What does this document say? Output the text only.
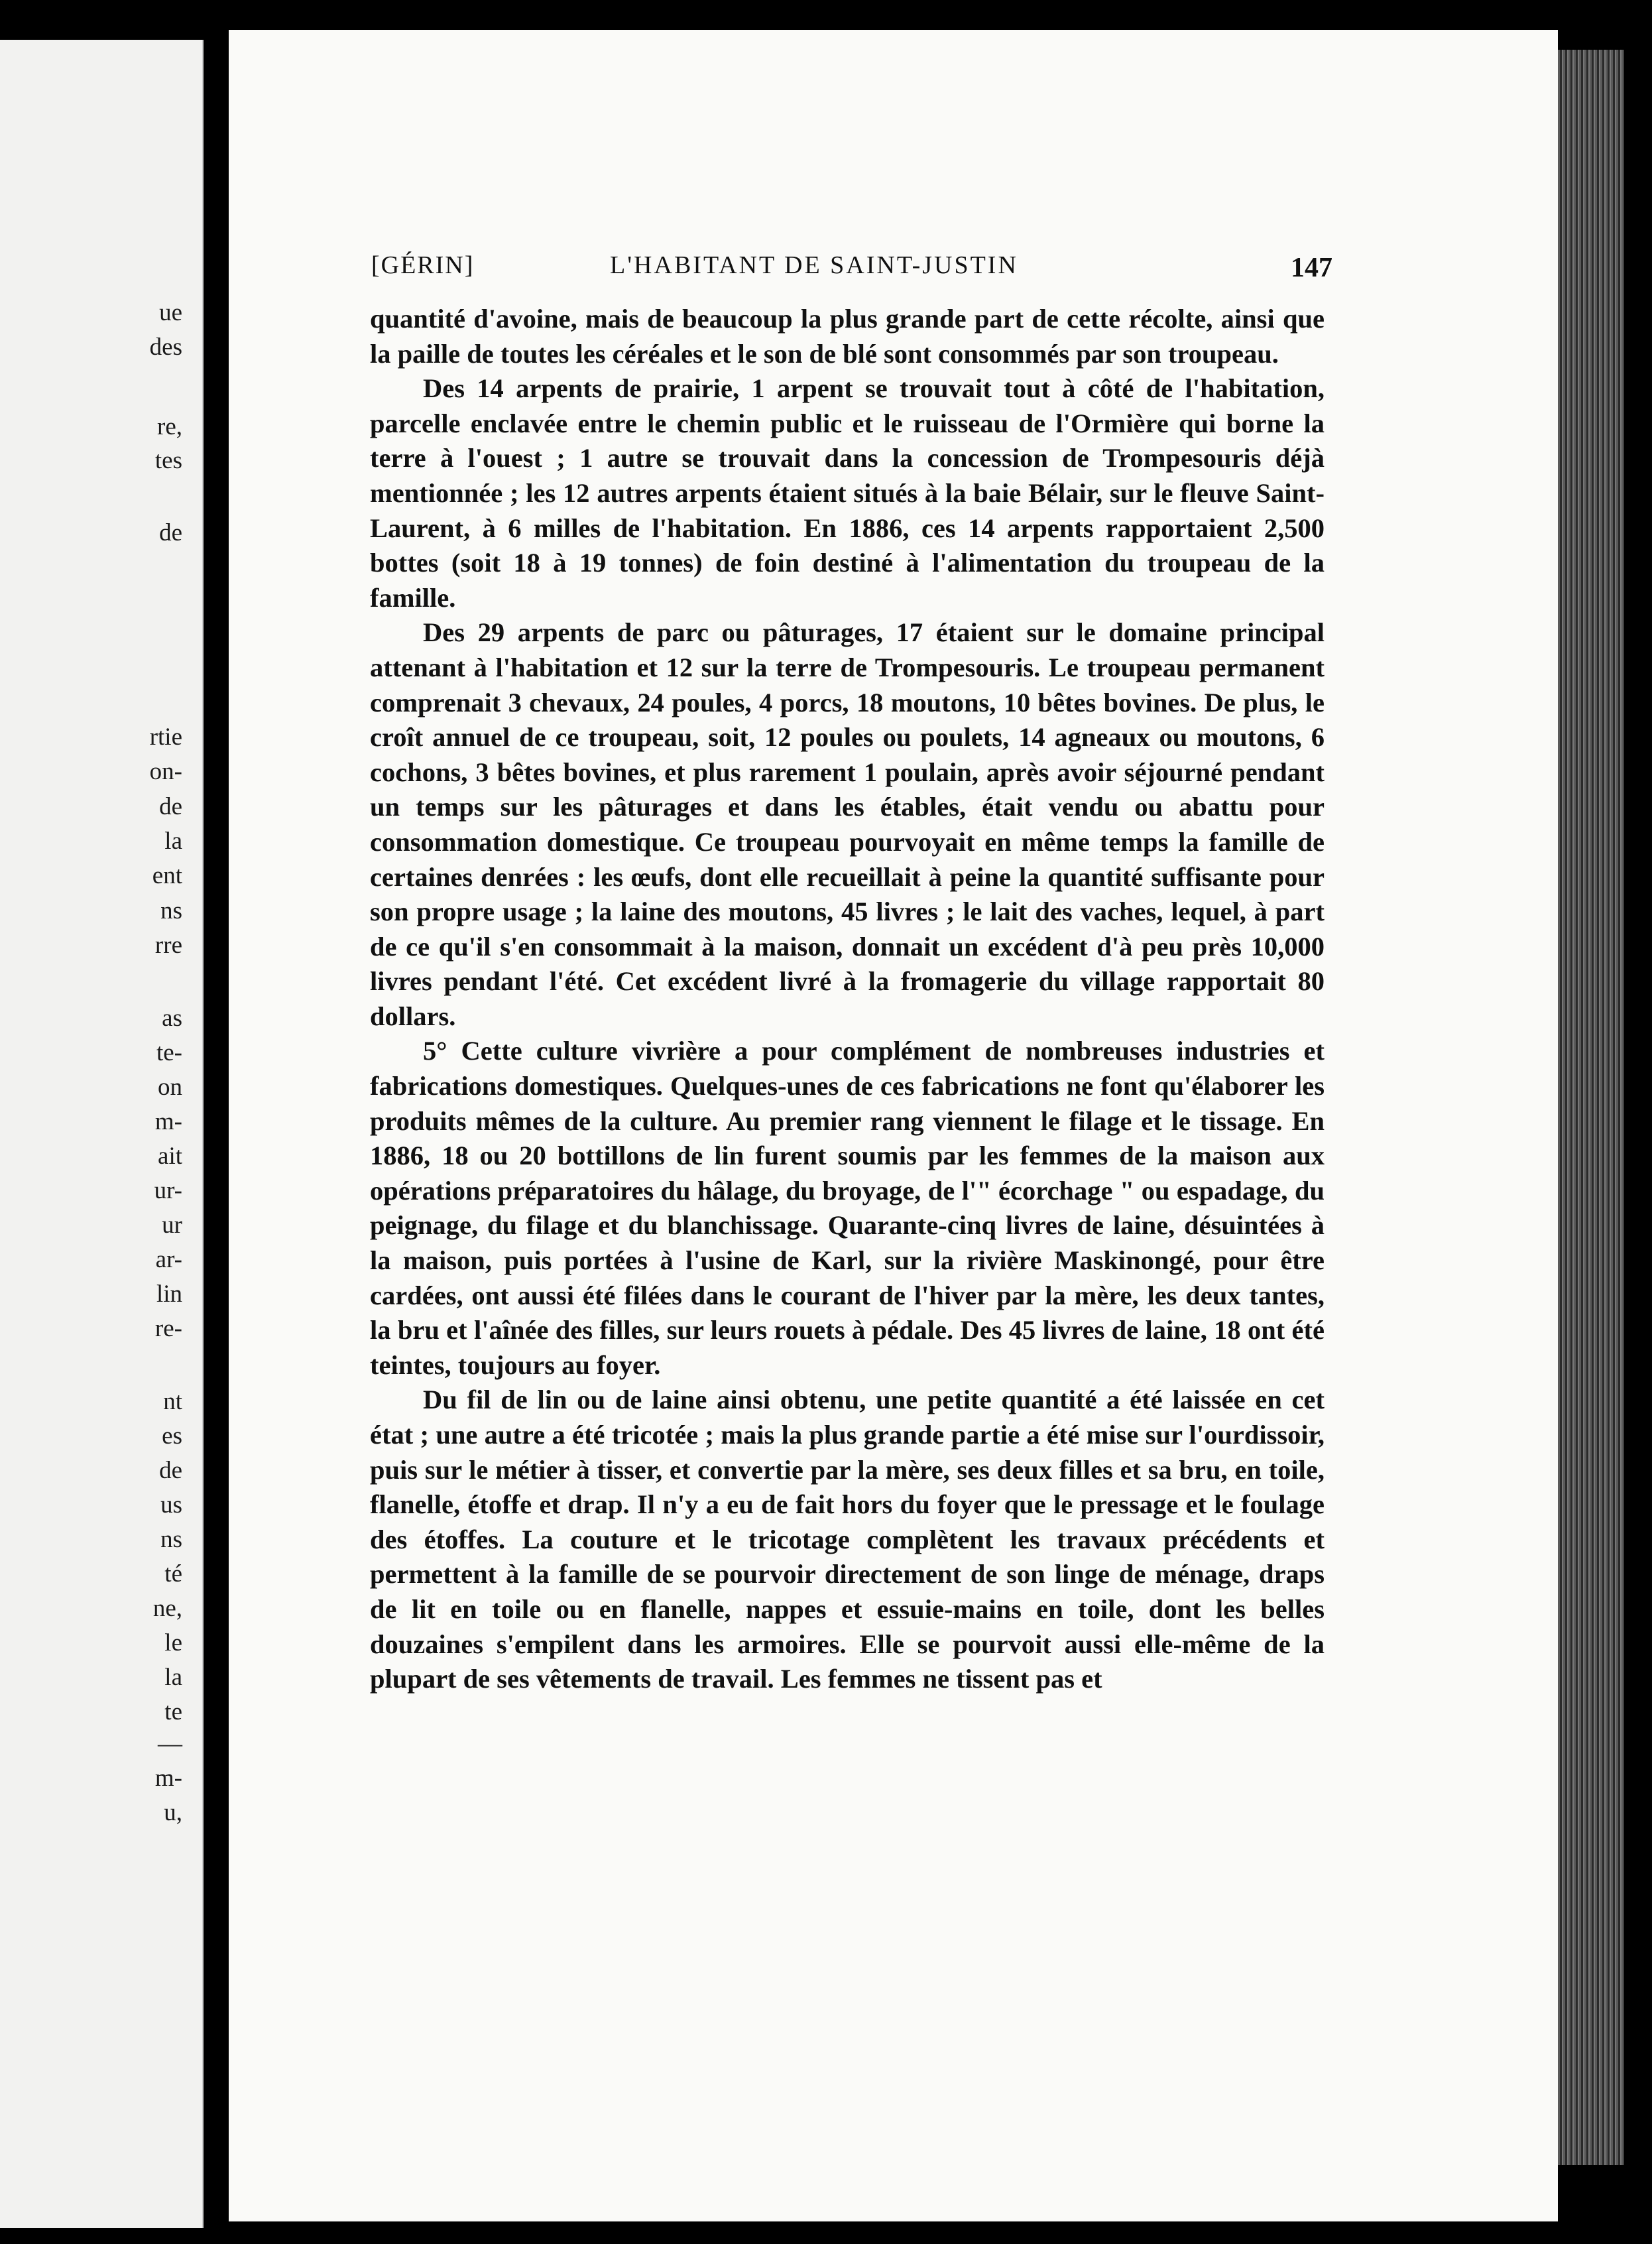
ue

des

re,

tes

de

rtie

on-

de

la

ent

ns

rre

as

te-

on

m-

ait

ur-

ur

ar-

lin

re-

nt

es

de

us

ns

té

ne,

le

la

te

—

m-

u,

[GÉRIN]	L'HABITANT DE SAINT-JUSTIN	147

quantité d'avoine, mais de beaucoup la plus grande part de cette récolte, ainsi que la paille de toutes les céréales et le son de blé sont consommés par son troupeau.

Des 14 arpents de prairie, 1 arpent se trouvait tout à côté de l'habitation, parcelle enclavée entre le chemin public et le ruisseau de l'Ormière qui borne la terre à l'ouest ; 1 autre se trouvait dans la concession de Trompesouris déjà mentionnée ; les 12 autres arpents étaient situés à la baie Bélair, sur le fleuve Saint-Laurent, à 6 milles de l'habitation. En 1886, ces 14 arpents rapportaient 2,500 bottes (soit 18 à 19 tonnes) de foin destiné à l'alimentation du troupeau de la famille.

Des 29 arpents de parc ou pâturages, 17 étaient sur le domaine principal attenant à l'habitation et 12 sur la terre de Trompesouris. Le troupeau permanent comprenait 3 chevaux, 24 poules, 4 porcs, 18 moutons, 10 bêtes bovines. De plus, le croît annuel de ce troupeau, soit, 12 poules ou poulets, 14 agneaux ou moutons, 6 cochons, 3 bêtes bovines, et plus rarement 1 poulain, après avoir séjourné pendant un temps sur les pâturages et dans les étables, était vendu ou abattu pour consommation domestique. Ce troupeau pourvoyait en même temps la famille de certaines denrées : les œufs, dont elle recueillait à peine la quantité suffisante pour son propre usage ; la laine des moutons, 45 livres ; le lait des vaches, lequel, à part de ce qu'il s'en consommait à la maison, donnait un excédent d'à peu près 10,000 livres pendant l'été. Cet excédent livré à la fromagerie du village rapportait 80 dollars.

5° Cette culture vivrière a pour complément de nombreuses industries et fabrications domestiques. Quelques-unes de ces fabrications ne font qu'élaborer les produits mêmes de la culture. Au premier rang viennent le filage et le tissage. En 1886, 18 ou 20 bottillons de lin furent soumis par les femmes de la maison aux opérations préparatoires du hâlage, du broyage, de l'" écorchage " ou espadage, du peignage, du filage et du blanchissage. Quarante-cinq livres de laine, désuintées à la maison, puis portées à l'usine de Karl, sur la rivière Maskinongé, pour être cardées, ont aussi été filées dans le courant de l'hiver par la mère, les deux tantes, la bru et l'aînée des filles, sur leurs rouets à pédale. Des 45 livres de laine, 18 ont été teintes, toujours au foyer.

Du fil de lin ou de laine ainsi obtenu, une petite quantité a été laissée en cet état ; une autre a été tricotée ; mais la plus grande partie a été mise sur l'ourdissoir, puis sur le métier à tisser, et convertie par la mère, ses deux filles et sa bru, en toile, flanelle, étoffe et drap. Il n'y a eu de fait hors du foyer que le pressage et le foulage des étoffes. La couture et le tricotage complètent les travaux précédents et permettent à la famille de se pourvoir directement de son linge de ménage, draps de lit en toile ou en flanelle, nappes et essuie-mains en toile, dont les belles douzaines s'empilent dans les armoires. Elle se pourvoit aussi elle-même de la plupart de ses vêtements de travail. Les femmes ne tissent pas et
